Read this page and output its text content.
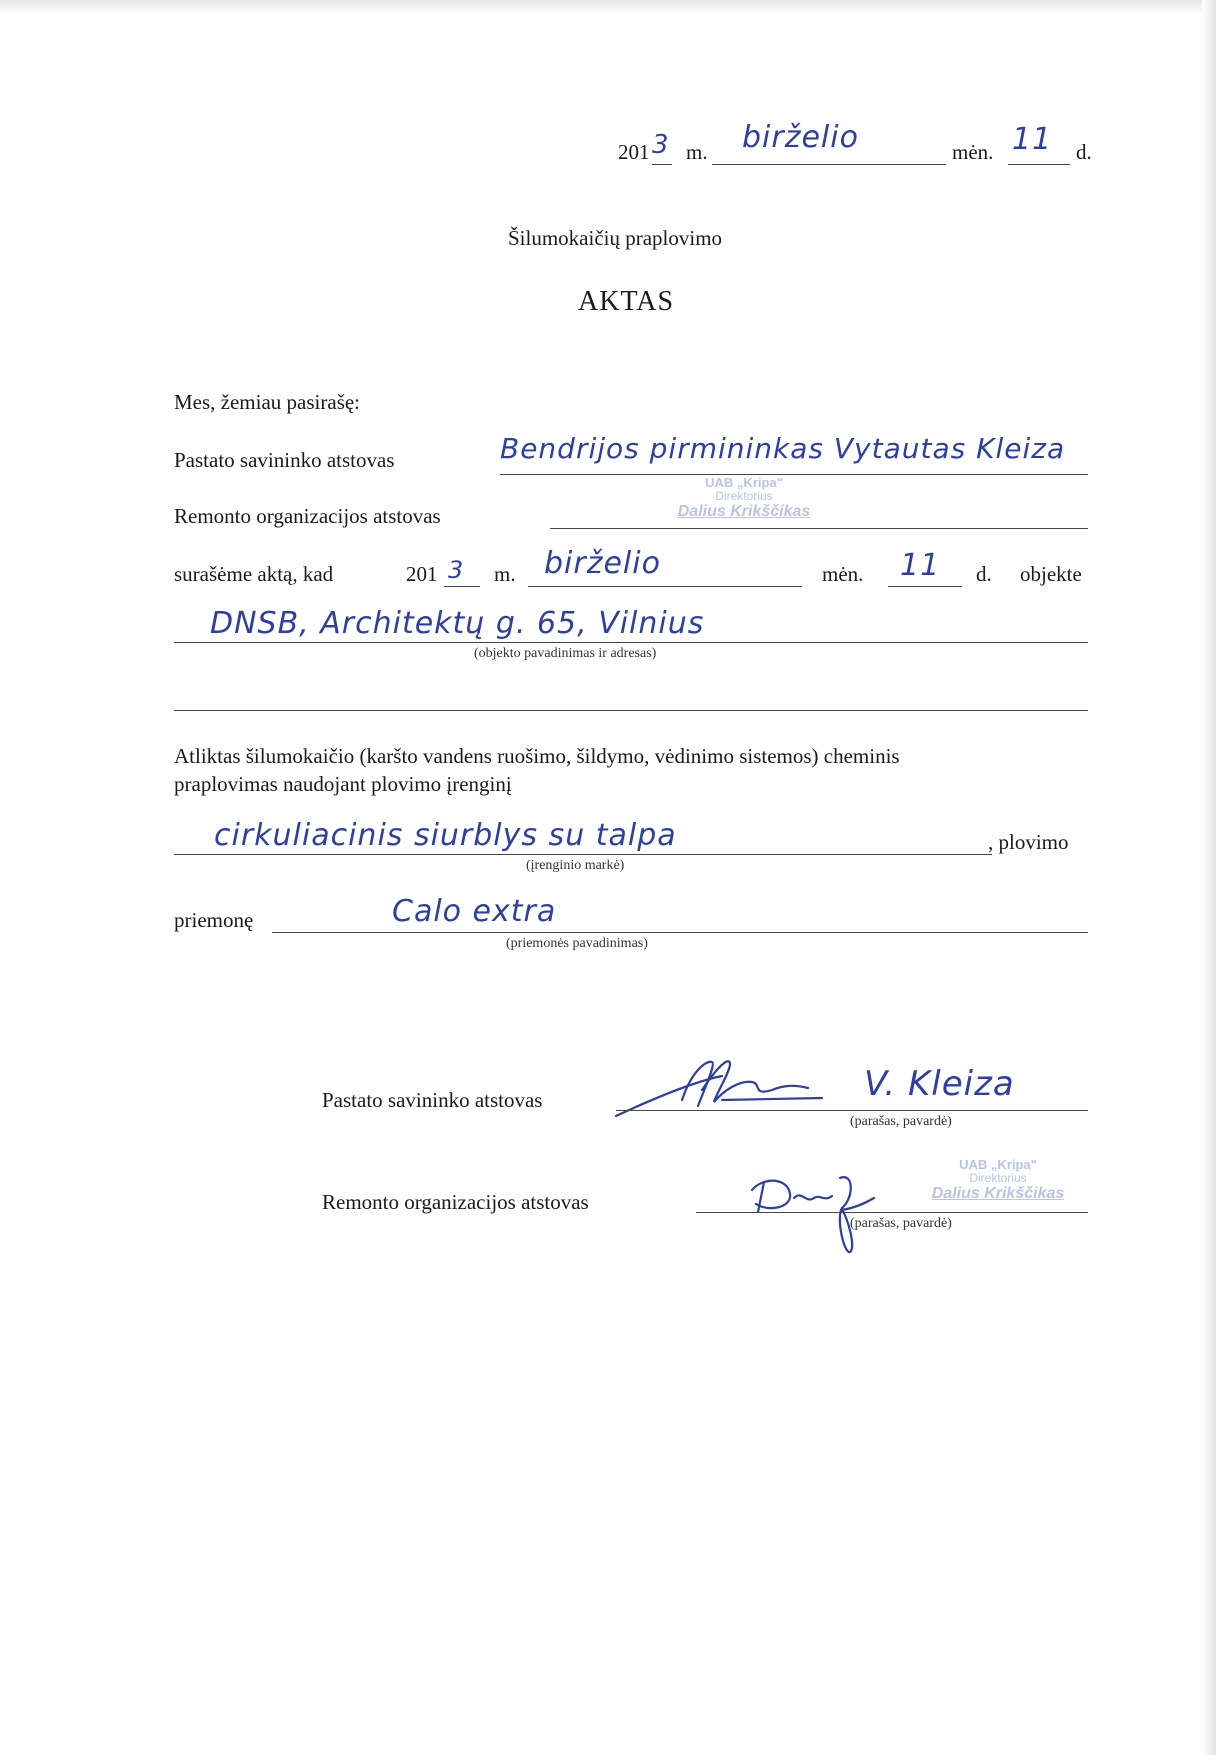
201 3 m. birželio	mėn. 11 d.
Šilumokaičių praplovimo
AKTAS
Mes, žemiau pasirašę:
Pastato savininko atstovas	Bendrijos pirmininkas Vytautas Kleiza
UAB „Kripa"
Direktorius
Dalius Krikščikas
Remonto organizacijos atstovas
surašėme aktą, kad	201 3 m. birželio	mėn. 11 d. objekte
DNSB, Architektų g. 65, Vilnius
(objekto pavadinimas ir adresas)
Atliktas šilumokaičio (karšto vandens ruošimo, šildymo, vėdinimo sistemos) cheminis
praplovimas naudojant plovimo įrenginį
cirkuliacinis siurblys su talpa
(įrenginio markė)
, plovimo
priemonę	Calo extra
(priemonės pavadinimas)
Pastato savininko atstovas	V. Kleiza
(parašas, pavardė)
UAB „Kripa"
Direktorius
Dalius Krikščikas
Remonto organizacijos atstovas
(parašas, pavardė)
